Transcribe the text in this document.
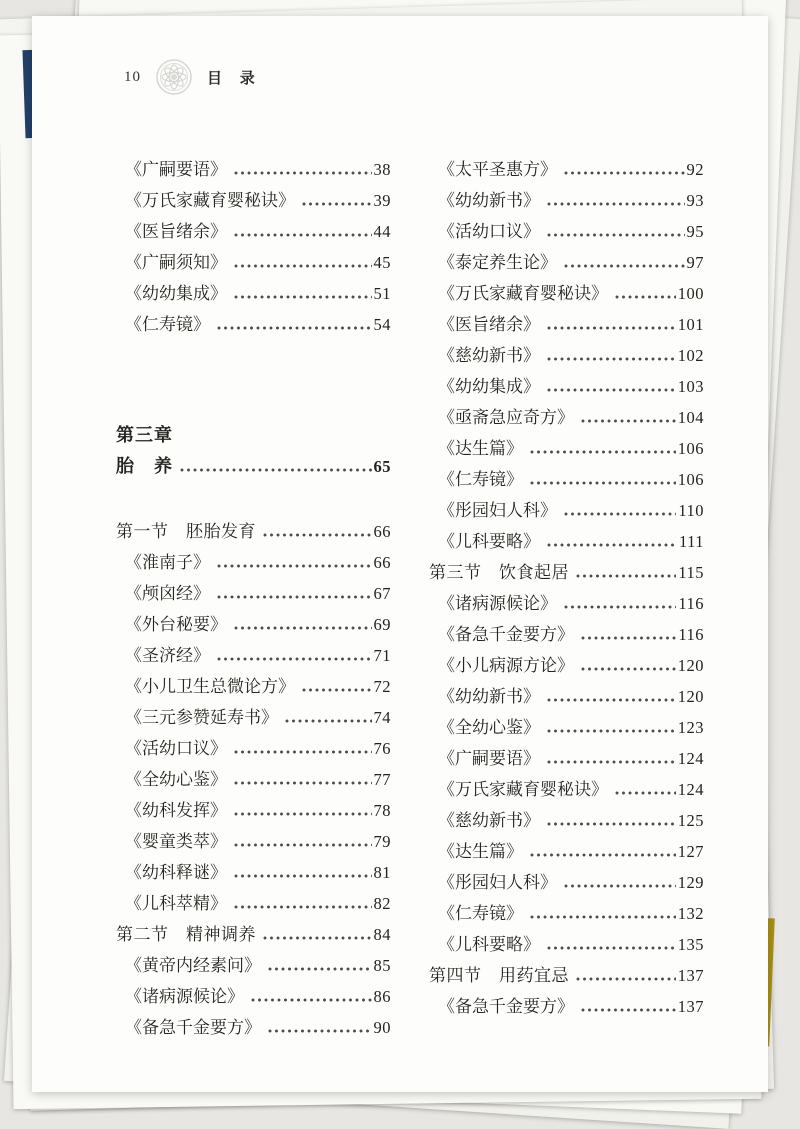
10	目 录
《广嗣要语》	38
《万氏家藏育婴秘诀》	39
《医旨绪余》	44
《广嗣须知》	45
《幼幼集成》	51
《仁寿镜》	54
第三章
胎　养	65
第一节　胚胎发育	66
《淮南子》	66
《颅囟经》	67
《外台秘要》	69
《圣济经》	71
《小儿卫生总微论方》	72
《三元参赞延寿书》	74
《活幼口议》	76
《全幼心鉴》	77
《幼科发挥》	78
《婴童类萃》	79
《幼科释谜》	81
《儿科萃精》	82
第二节　精神调养	84
《黄帝内经素问》	85
《诸病源候论》	86
《备急千金要方》	90
《太平圣惠方》	92
《幼幼新书》	93
《活幼口议》	95
《泰定养生论》	97
《万氏家藏育婴秘诀》	100
《医旨绪余》	101
《慈幼新书》	102
《幼幼集成》	103
《亟斋急应奇方》	104
《达生篇》	106
《仁寿镜》	106
《彤园妇人科》	110
《儿科要略》	111
第三节　饮食起居	115
《诸病源候论》	116
《备急千金要方》	116
《小儿病源方论》	120
《幼幼新书》	120
《全幼心鉴》	123
《广嗣要语》	124
《万氏家藏育婴秘诀》	124
《慈幼新书》	125
《达生篇》	127
《彤园妇人科》	129
《仁寿镜》	132
《儿科要略》	135
第四节　用药宜忌	137
《备急千金要方》	137
